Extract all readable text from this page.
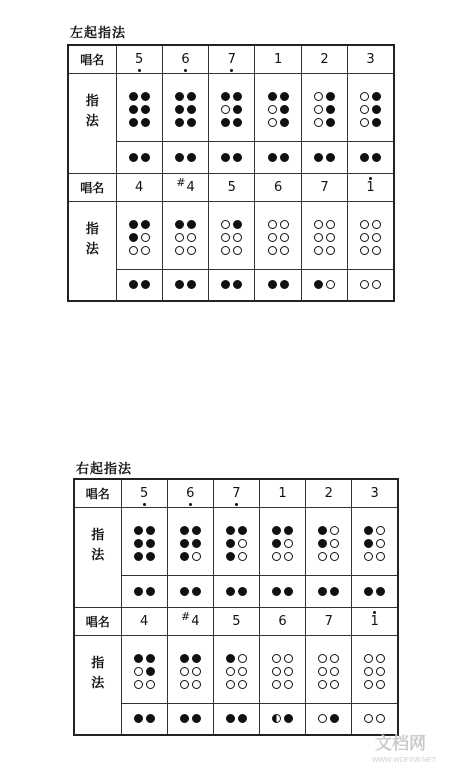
左起指法
唱名	5	6	7	1	2	3

指
法						

唱名	4	#4	5	6	7	1

指
法						

右起指法
唱名	5	6	7	1	2	3

指
法						

唱名	4	#4	5	6	7	1

指
法						

文档网
WWW.WDFXW.NET
